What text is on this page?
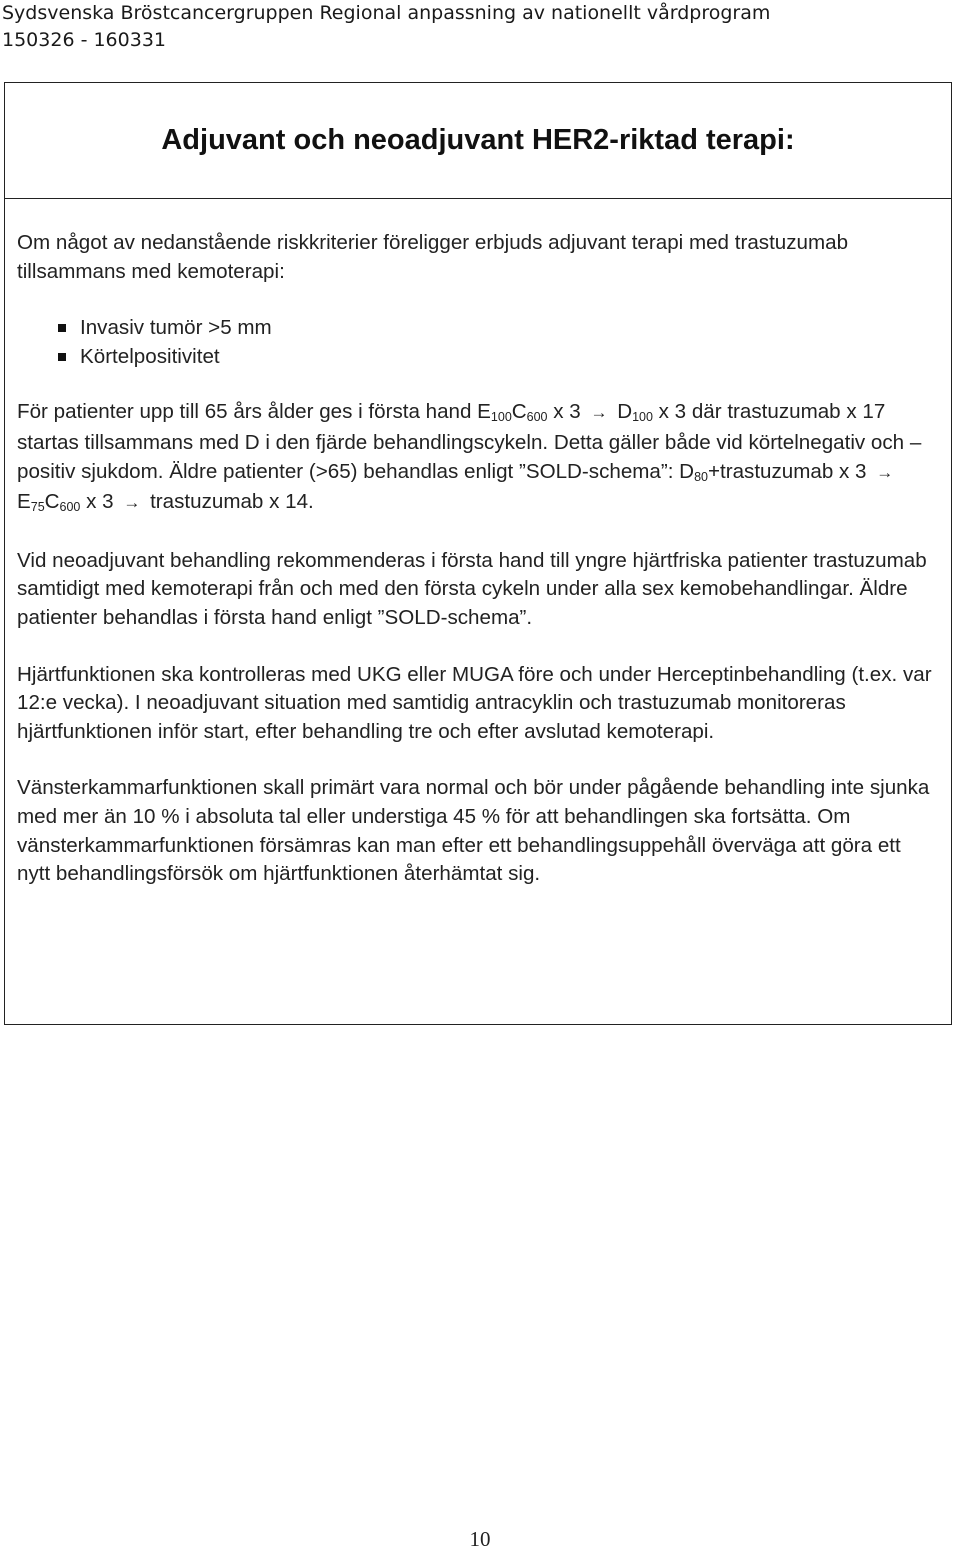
Sydsvenska Bröstcancergruppen Regional anpassning av nationellt vårdprogram
150326 - 160331
Adjuvant och neoadjuvant HER2-riktad terapi:

Om något av nedanstående riskkriterier föreligger erbjuds adjuvant terapi med trastuzumab tillsammans med kemoterapi:

Invasiv tumör >5 mm
Körtelpositivitet

För patienter upp till 65 års ålder ges i första hand $E_{100}C_{600}$ x $3 \to D_{100}$ x 3 där trastuzumab x 17 startas tillsammans med D i den fjärde behandlingscykeln. Detta gäller både vid körtelnegativ och –positiv sjukdom. Äldre patienter (>65) behandlas enligt ”SOLD-schema”: $D_{80}+trastuzumab$ x $3 \to E_{75}C_{600}$ x 3 → trastuzumab x 14.

Vid neoadjuvant behandling rekommenderas i första hand till yngre hjärtfriska patienter trastuzumab samtidigt med kemoterapi från och med den första cykeln under alla sex kemobehandlingar. Äldre patienter behandlas i första hand enligt ”SOLD-schema”.

Hjärtfunktionen ska kontrolleras med UKG eller MUGA före och under Herceptinbehandling (t.ex. var 12:e vecka). I neoadjuvant situation med samtidig antracyklin och trastuzumab monitoreras hjärtfunktionen inför start, efter behandling tre och efter avslutad kemoterapi.

Vänsterkammarfunktionen skall primärt vara normal och bör under pågående behandling inte sjunka med mer än 10 % i absoluta tal eller understiga 45 % för att behandlingen ska fortsätta. Om vänsterkammarfunktionen försämras kan man efter ett behandlingsuppehåll överväga att göra ett nytt behandlingsförsök om hjärtfunktionen återhämtat sig.

10
